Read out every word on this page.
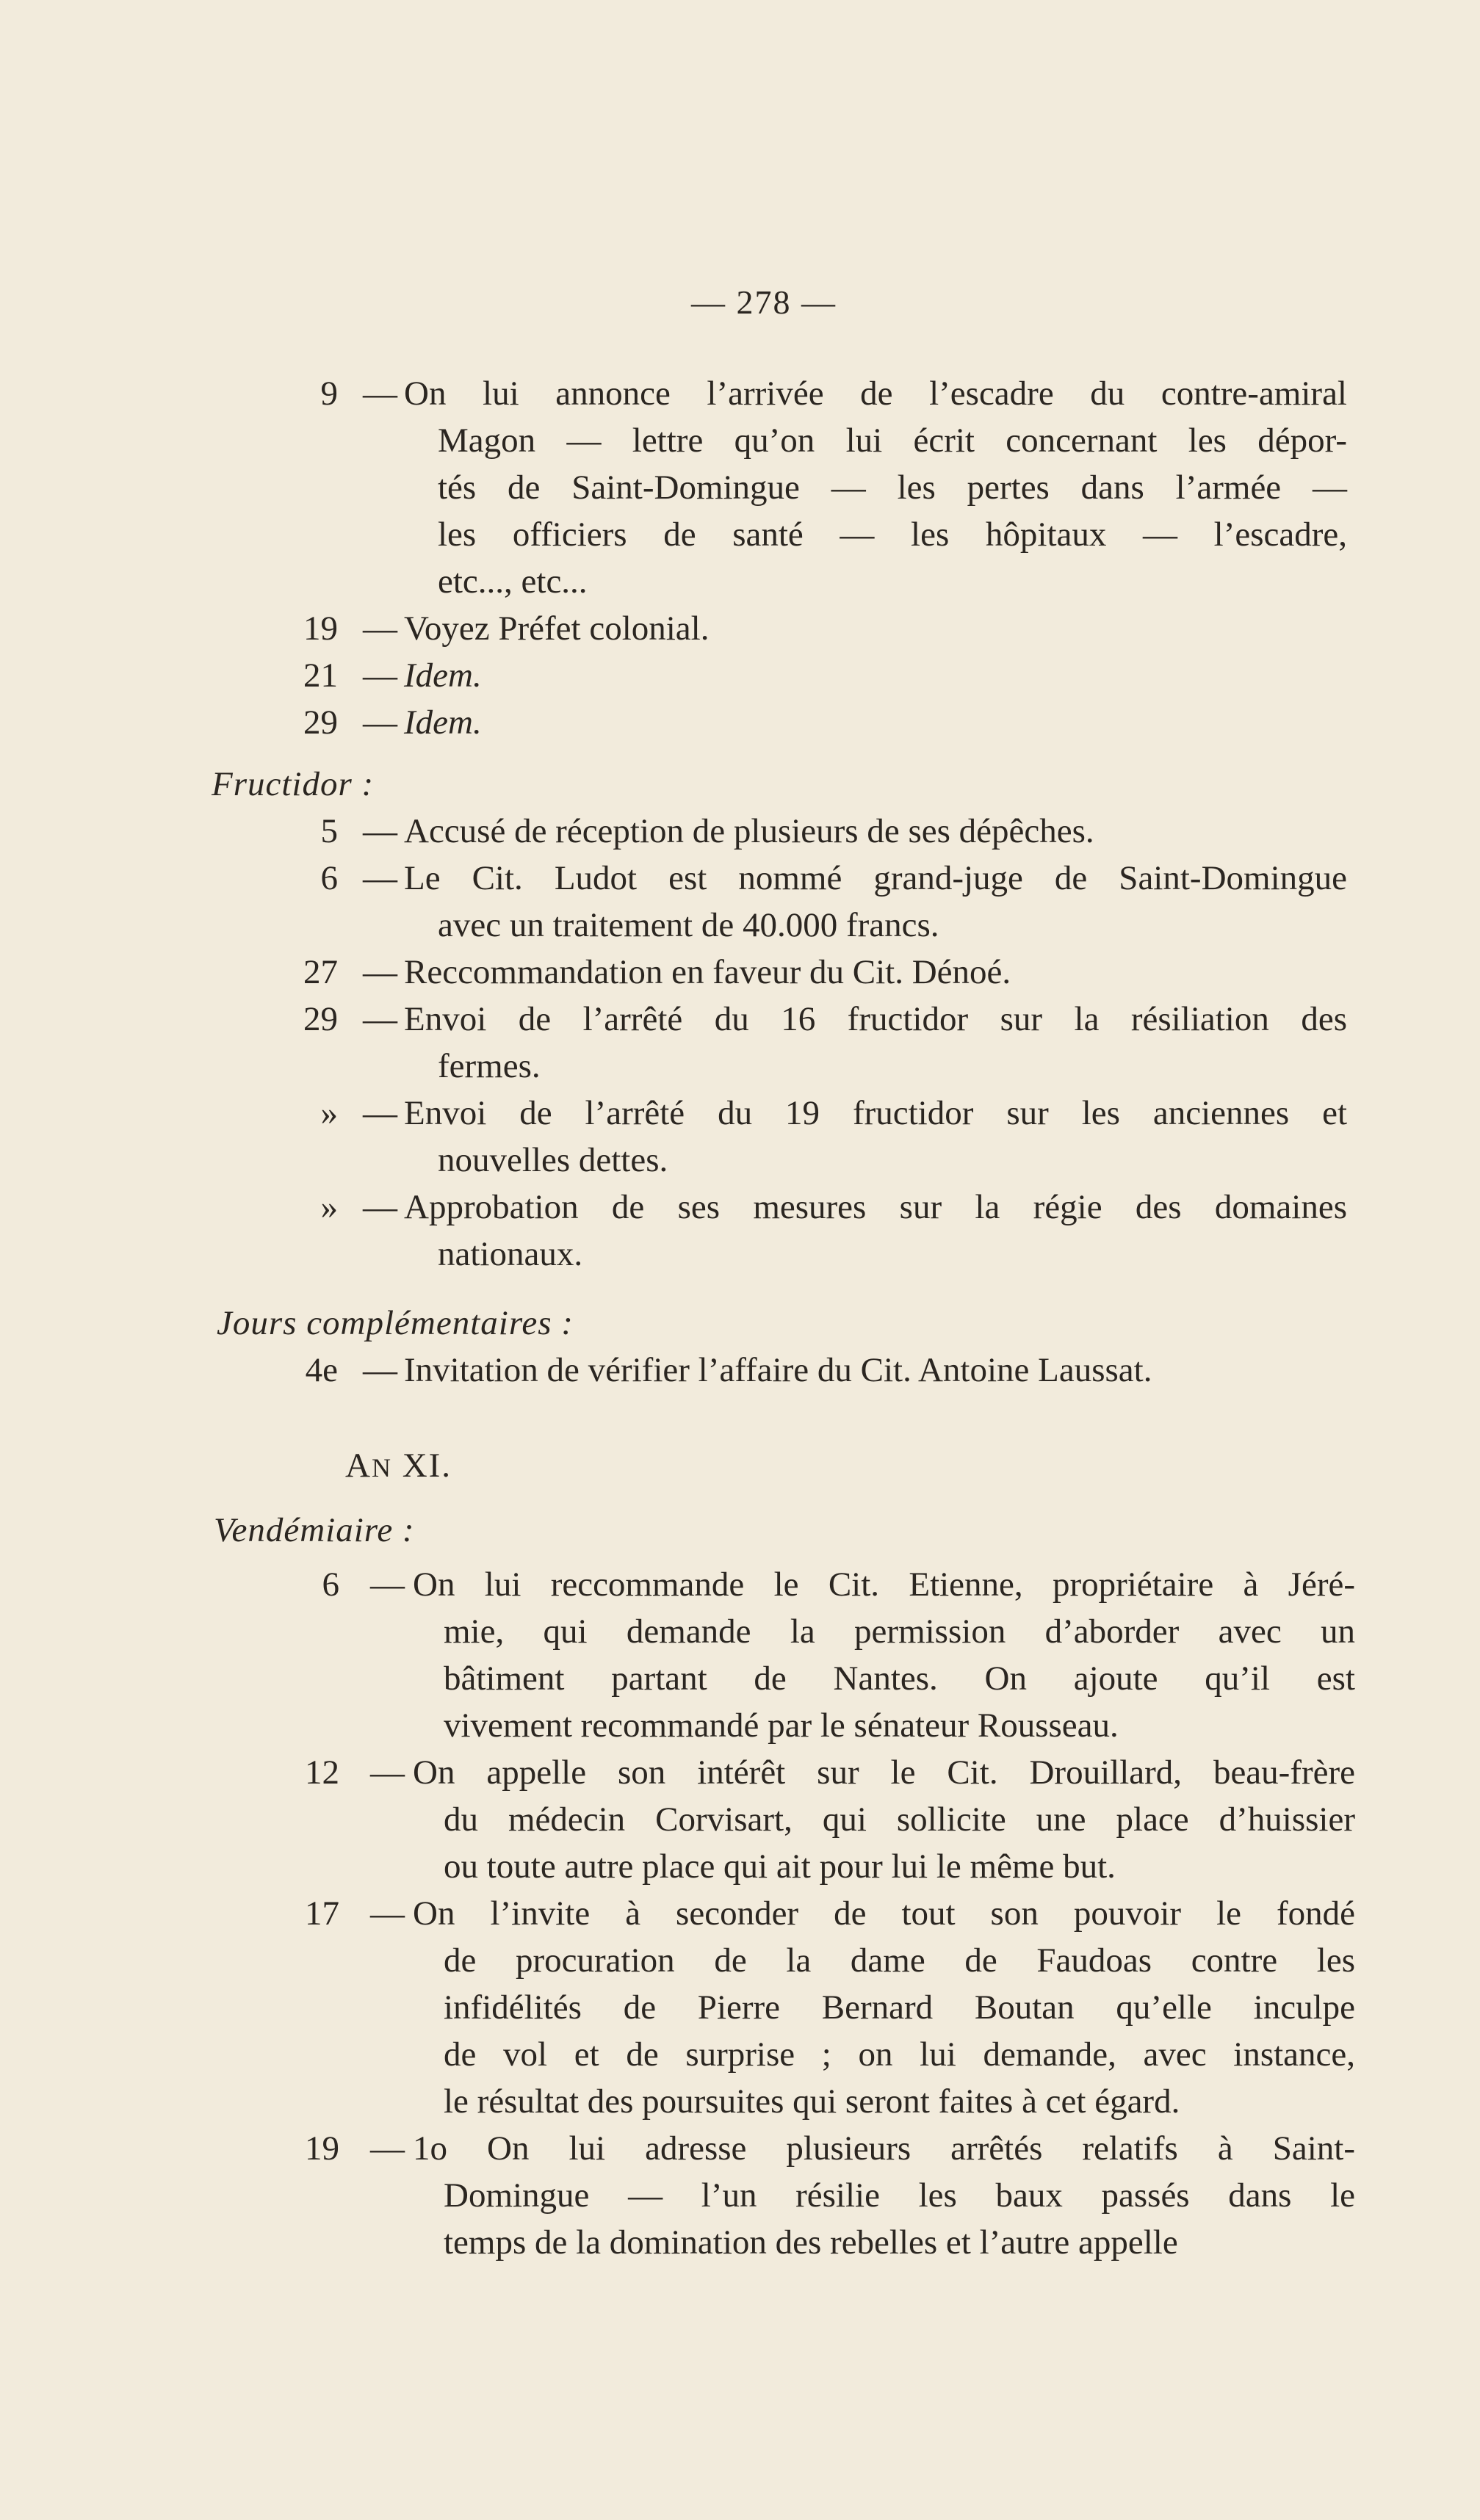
— 278 —
9 — On lui annonce l’arrivée de l’escadre du contre-amiral
Magon — lettre qu’on lui écrit concernant les dépor-
tés de Saint-Domingue — les pertes dans l’armée —
les officiers de santé — les hôpitaux — l’escadre,
etc..., etc...
19 — Voyez Préfet colonial.
21 — Idem.
29 — Idem.
Fructidor :
5 — Accusé de réception de plusieurs de ses dépêches.
6 — Le Cit. Ludot est nommé grand-juge de Saint-Domingue
avec un traitement de 40.000 francs.
27 — Reccommandation en faveur du Cit. Dénoé.
29 — Envoi de l’arrêté du 16 fructidor sur la résiliation des
fermes.
» — Envoi de l’arrêté du 19 fructidor sur les anciennes et
nouvelles dettes.
» — Approbation de ses mesures sur la régie des domaines
nationaux.
Jours complémentaires :
4e — Invitation de vérifier l’affaire du Cit. Antoine Laussat.
AN XI.
Vendémiaire :
6 — On lui reccommande le Cit. Etienne, propriétaire à Jéré-
mie, qui demande la permission d’aborder avec un
bâtiment partant de Nantes. On ajoute qu’il est
vivement recommandé par le sénateur Rousseau.
12 — On appelle son intérêt sur le Cit. Drouillard, beau-frère
du médecin Corvisart, qui sollicite une place d’huissier
ou toute autre place qui ait pour lui le même but.
17 — On l’invite à seconder de tout son pouvoir le fondé
de procuration de la dame de Faudoas contre les
infidélités de Pierre Bernard Boutan qu’elle inculpe
de vol et de surprise ; on lui demande, avec instance,
le résultat des poursuites qui seront faites à cet égard.
19 — 1o On lui adresse plusieurs arrêtés relatifs à Saint-
Domingue — l’un résilie les baux passés dans le
temps de la domination des rebelles et l’autre appelle
